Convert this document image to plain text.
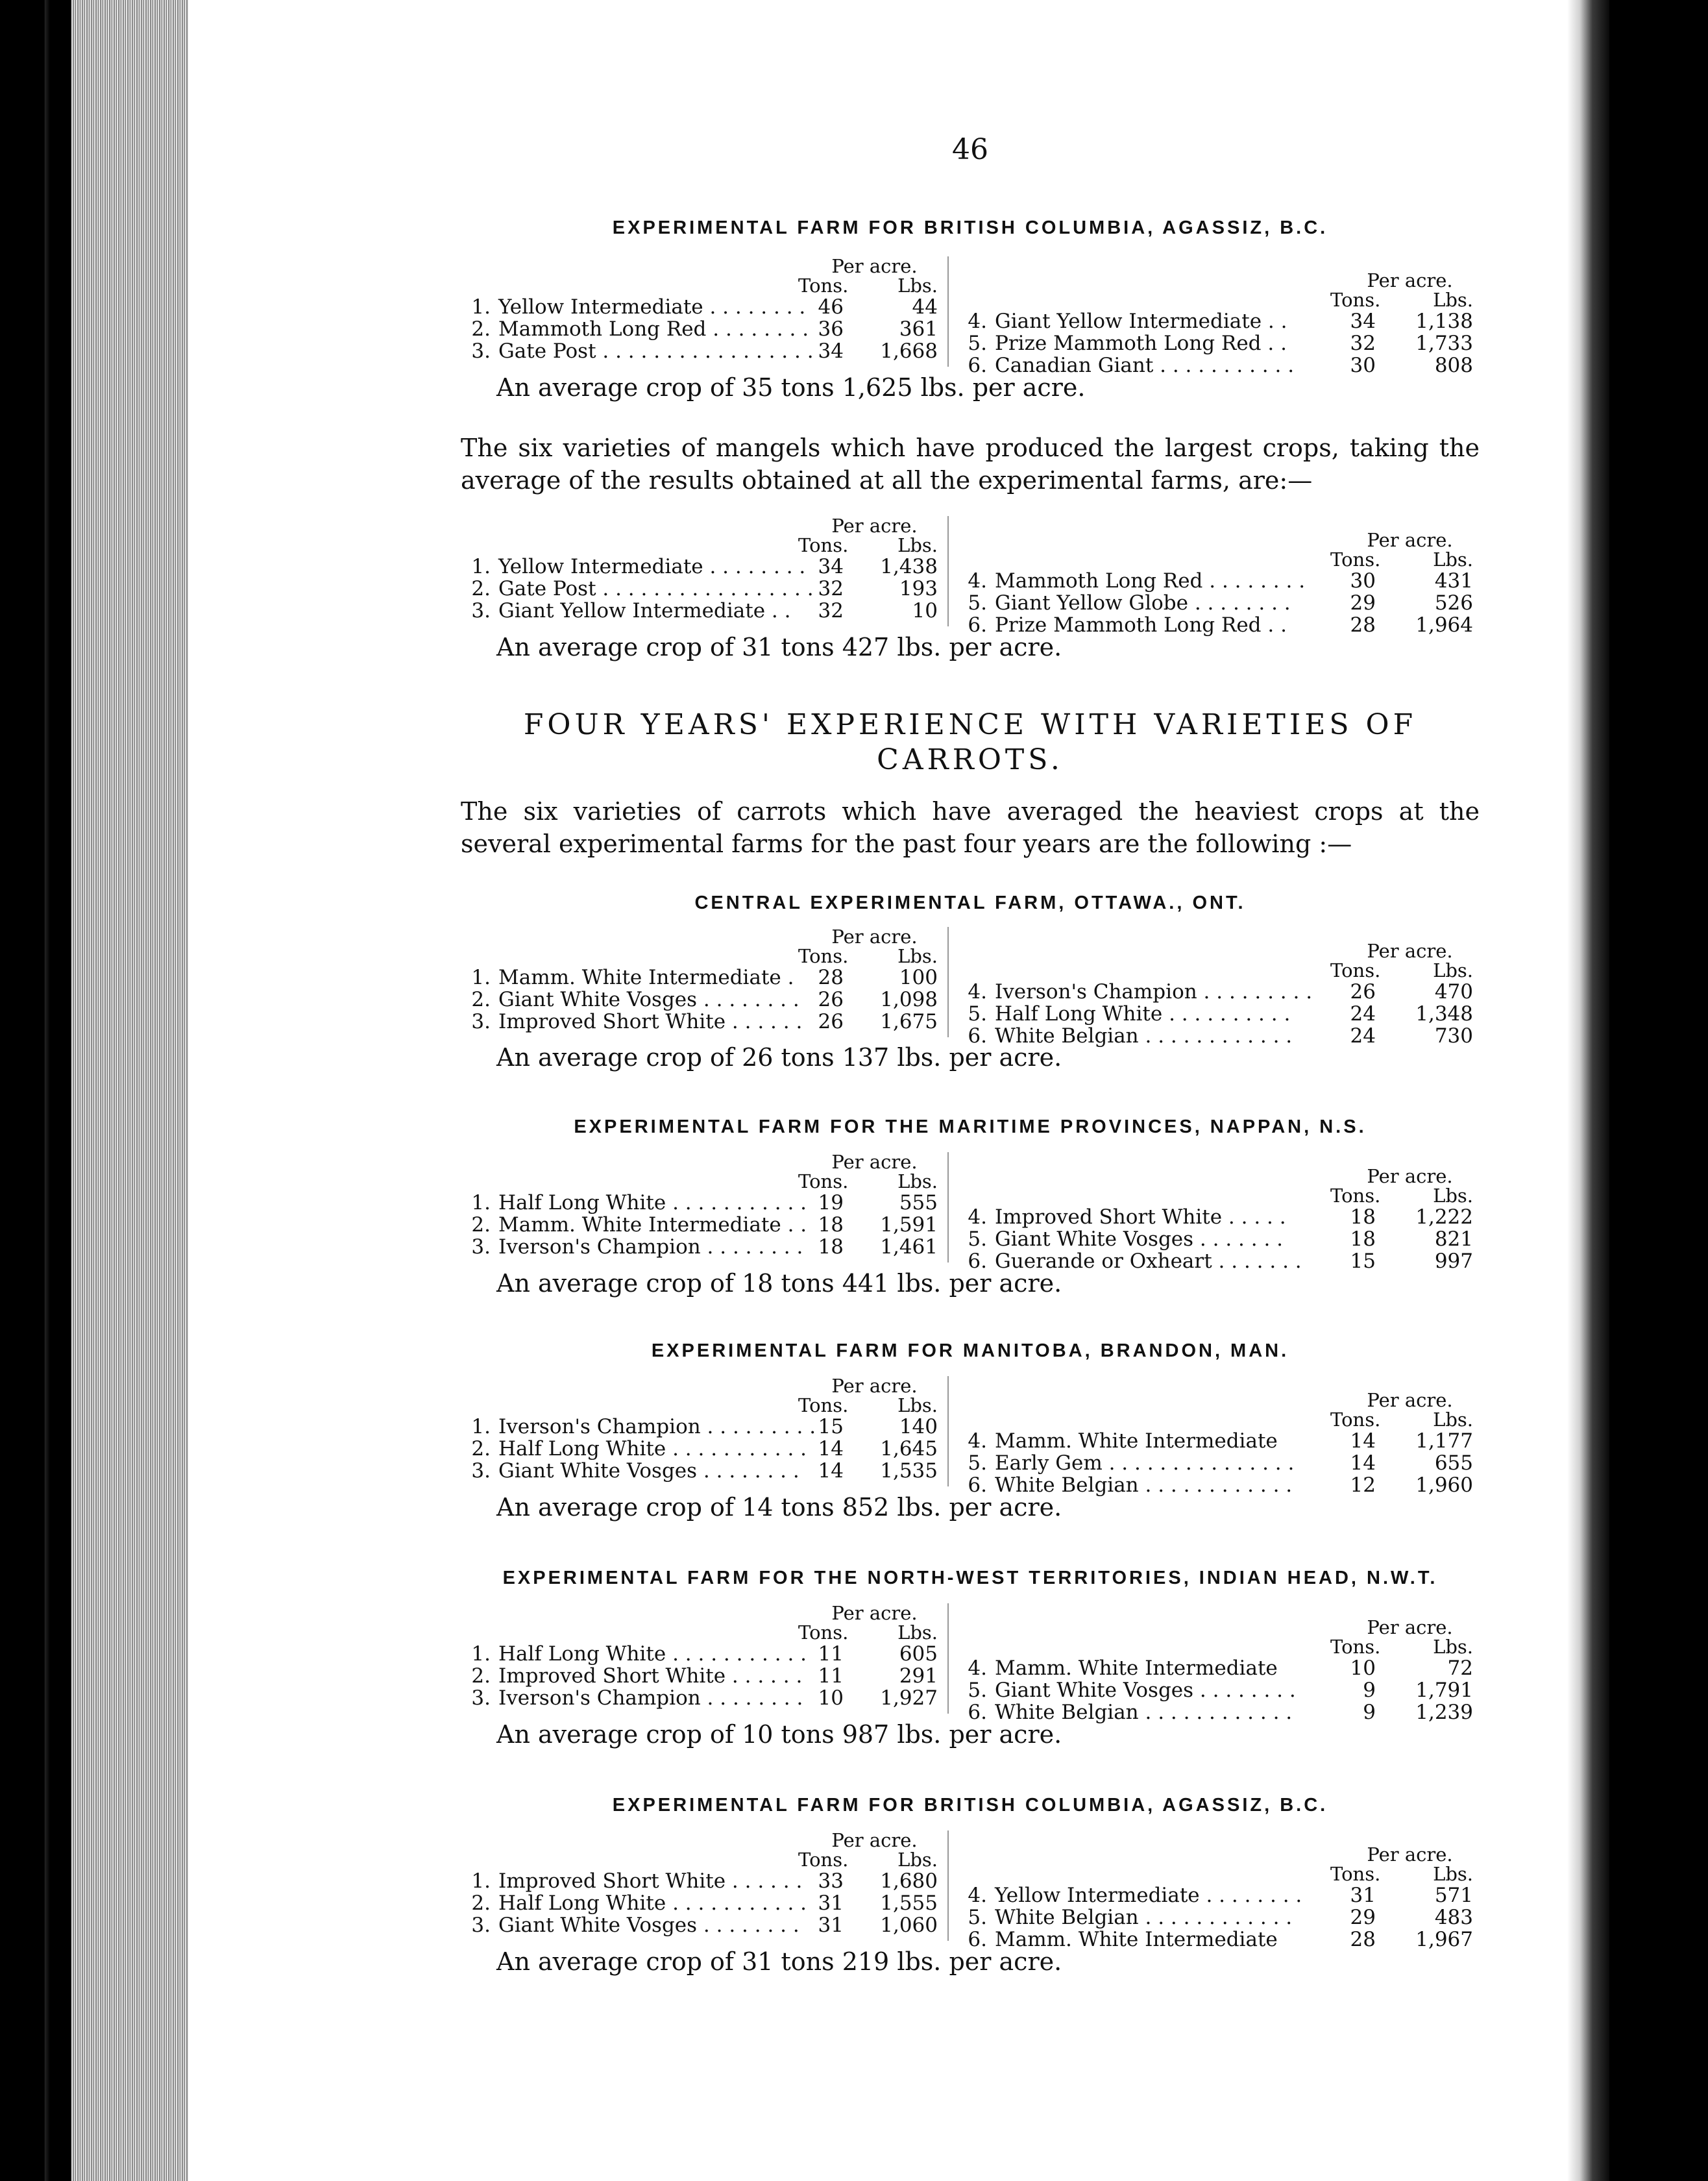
46
EXPERIMENTAL FARM FOR BRITISH COLUMBIA, AGASSIZ, B.C.
Per acre.
Tons.	Lbs.
1. Yellow Intermediate . . . . . . . . 46	44
2. Mammoth Long Red . . . . . . . . 36	361
3. Gate Post . . . . . . . . . . . . . . . . . 34	1,668
Per acre.
Tons.	Lbs.
4. Giant Yellow Intermediate . .	34	1,138
5. Prize Mammoth Long Red . .	32	1,733
6. Canadian Giant . . . . . . . . . . .	30	808
An average crop of 35 tons 1,625 lbs. per acre.
The six varieties of mangels which have produced the largest crops, taking the average of the results obtained at all the experimental farms, are:—
Per acre.
Tons.	Lbs.
1. Yellow Intermediate . . . . . . . . 34	1,438
2. Gate Post . . . . . . . . . . . . . . . . . 32	193
3. Giant Yellow Intermediate . .	32	10
Per acre.
Tons.	Lbs.
4. Mammoth Long Red . . . . . . . .	30	431
5. Giant Yellow Globe . . . . . . . .	29	526
6. Prize Mammoth Long Red . .	28	1,964
An average crop of 31 tons 427 lbs. per acre.
FOUR YEARS' EXPERIENCE WITH VARIETIES OF CARROTS.
The six varieties of carrots which have averaged the heaviest crops at the several experimental farms for the past four years are the following :—
CENTRAL EXPERIMENTAL FARM, OTTAWA., ONT.
Per acre.
Tons.	Lbs.
1. Mamm. White Intermediate .	28	100
2. Giant White Vosges . . . . . . . . 26	1,098
3. Improved Short White . . . . . . 26	1,675
Per acre.
Tons.	Lbs.
4. Iverson's Champion . . . . . . . . .	26	470
5. Half Long White . . . . . . . . . .	24	1,348
6. White Belgian . . . . . . . . . . . .	24	730
An average crop of 26 tons 137 lbs. per acre.
EXPERIMENTAL FARM FOR THE MARITIME PROVINCES, NAPPAN, N.S.
Per acre.
Tons.	Lbs.
1. Half Long White . . . . . . . . . . . 19	555
2. Mamm. White Intermediate . . 18	1,591
3. Iverson's Champion . . . . . . . . 18	1,461
Per acre.
Tons.	Lbs.
4. Improved Short White . . . . .	18	1,222
5. Giant White Vosges . . . . . . .	18	821
6. Guerande or Oxheart . . . . . . .	15	997
An average crop of 18 tons 441 lbs. per acre.
EXPERIMENTAL FARM FOR MANITOBA, BRANDON, MAN.
Per acre.
Tons.	Lbs.
1. Iverson's Champion . . . . . . . . . 15	140
2. Half Long White . . . . . . . . . . . 14	1,645
3. Giant White Vosges . . . . . . . . 14	1,535
Per acre.
Tons.	Lbs.
4. Mamm. White Intermediate	14	1,177
5. Early Gem . . . . . . . . . . . . . . .	14	655
6. White Belgian . . . . . . . . . . . .	12	1,960
An average crop of 14 tons 852 lbs. per acre.
EXPERIMENTAL FARM FOR THE NORTH-WEST TERRITORIES, INDIAN HEAD, N.W.T.
Per acre.
Tons.	Lbs.
1. Half Long White . . . . . . . . . . . 11	605
2. Improved Short White . . . . . . 11	291
3. Iverson's Champion . . . . . . . . 10	1,927
Per acre.
Tons.	Lbs.
4. Mamm. White Intermediate	10	72
5. Giant White Vosges . . . . . . . .	9	1,791
6. White Belgian . . . . . . . . . . . .	9	1,239
An average crop of 10 tons 987 lbs. per acre.
EXPERIMENTAL FARM FOR BRITISH COLUMBIA, AGASSIZ, B.C.
Per acre.
Tons.	Lbs.
1. Improved Short White . . . . . . 33	1,680
2. Half Long White . . . . . . . . . . . 31	1,555
3. Giant White Vosges . . . . . . . . 31	1,060
Per acre.
Tons.	Lbs.
4. Yellow Intermediate . . . . . . . .	31	571
5. White Belgian . . . . . . . . . . . .	29	483
6. Mamm. White Intermediate	28	1,967
An average crop of 31 tons 219 lbs. per acre.
